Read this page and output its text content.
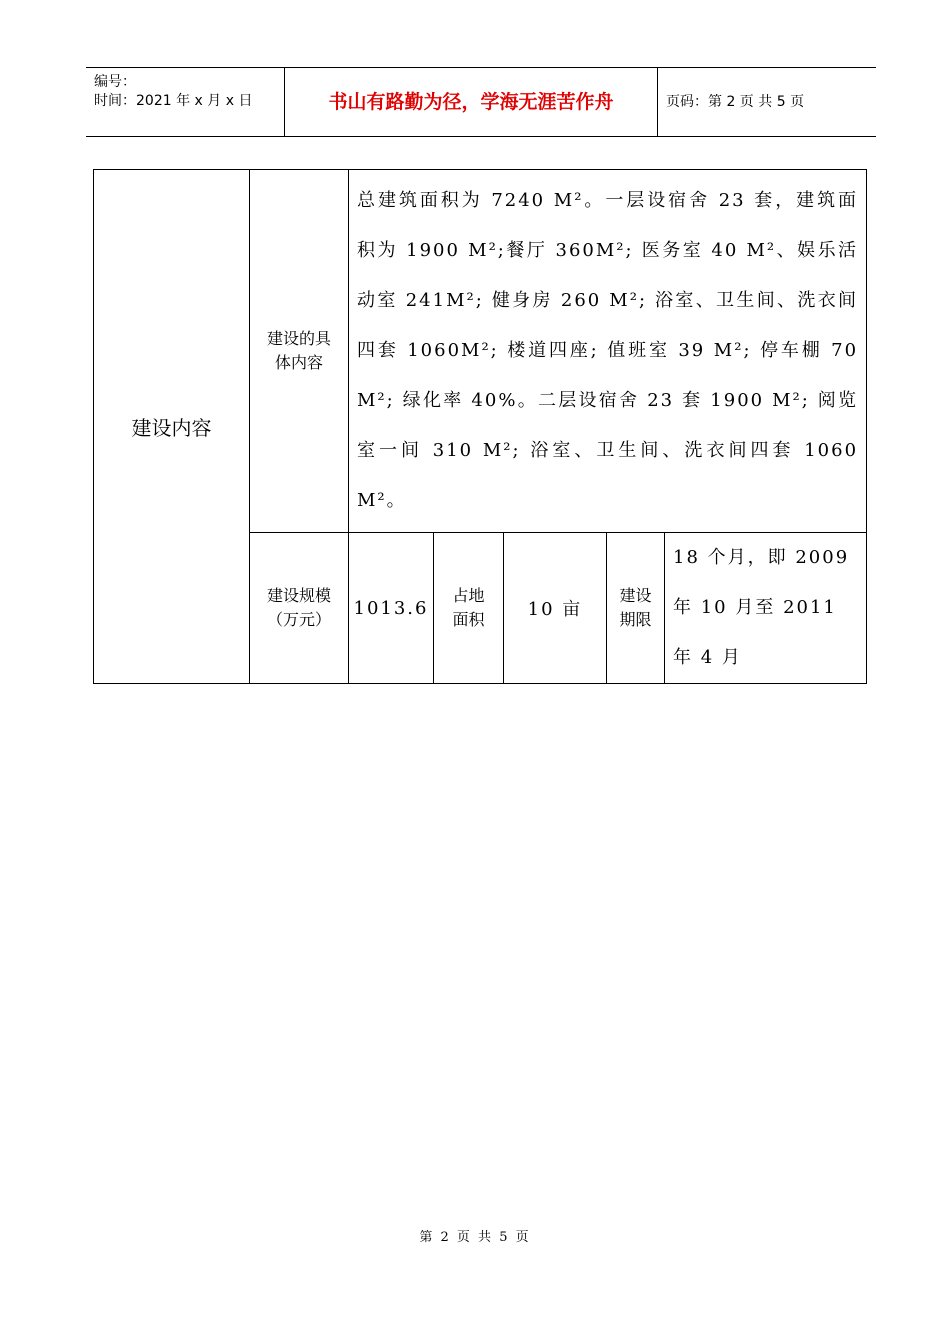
编号：
时间：2021 年 x 月 x 日	书山有路勤为径，学海无涯苦作舟	页码：第 2 页 共 5 页
建设内容	建设的具体内容	总建筑面积为 7240 M²。一层设宿舍 23 套，建筑面积为 1900 M²;餐厅 360M²; 医务室 40 M²、娱乐活动室 241M²; 健身房 260 M²; 浴室、卫生间、洗衣间四套 1060M²; 楼道四座; 值班室 39 M²; 停车棚 70 M²; 绿化率 40%。二层设宿舍 23 套 1900 M²; 阅览室一间 310 M²; 浴室、卫生间、洗衣间四套 1060 M²。				
	建设规模（万元）	1013.6	占地面积	10 亩	建设期限	18 个月，即 2009 年 10 月至 2011 年 4 月
第 2 页 共 5 页
